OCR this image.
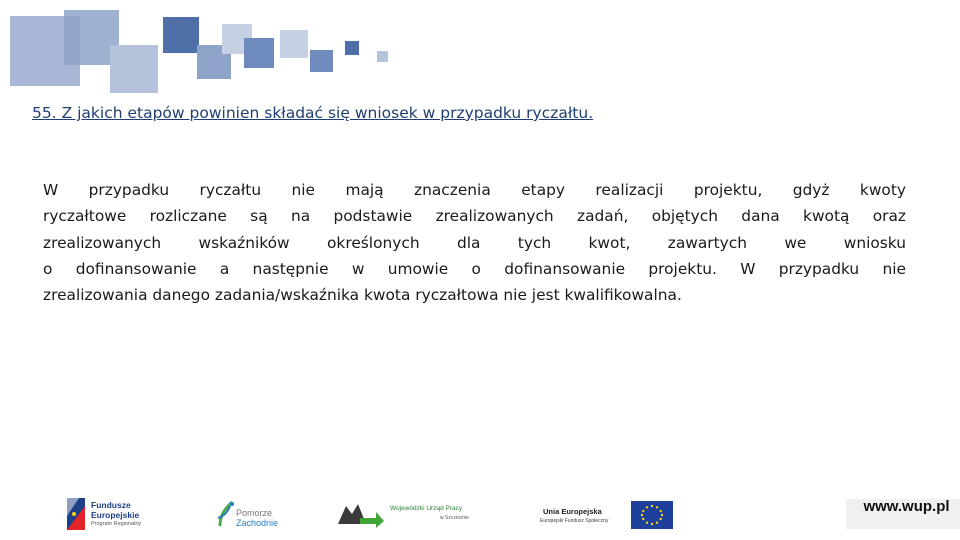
55. Z jakich etapów powinien składać się wniosek w przypadku ryczałtu.
W przypadku ryczałtu nie mają znaczenia etapy realizacji projektu, gdyż kwoty
ryczałtowe rozliczane są na podstawie zrealizowanych zadań, objętych dana kwotą oraz
zrealizowanych wskaźników określonych dla tych kwot, zawartych we wniosku
o dofinansowanie a następnie w umowie o dofinansowanie projektu. W przypadku nie
zrealizowania danego zadania/wskaźnika kwota ryczałtowa nie jest kwalifikowalna.
Fundusze
Europejskie
Program Regionalny
Pomorze
Zachodnie
Wojewódzki Urząd Pracy
w Szczecinie
Unia Europejska
Europejski Fundusz Społeczny
www.wup.pl
